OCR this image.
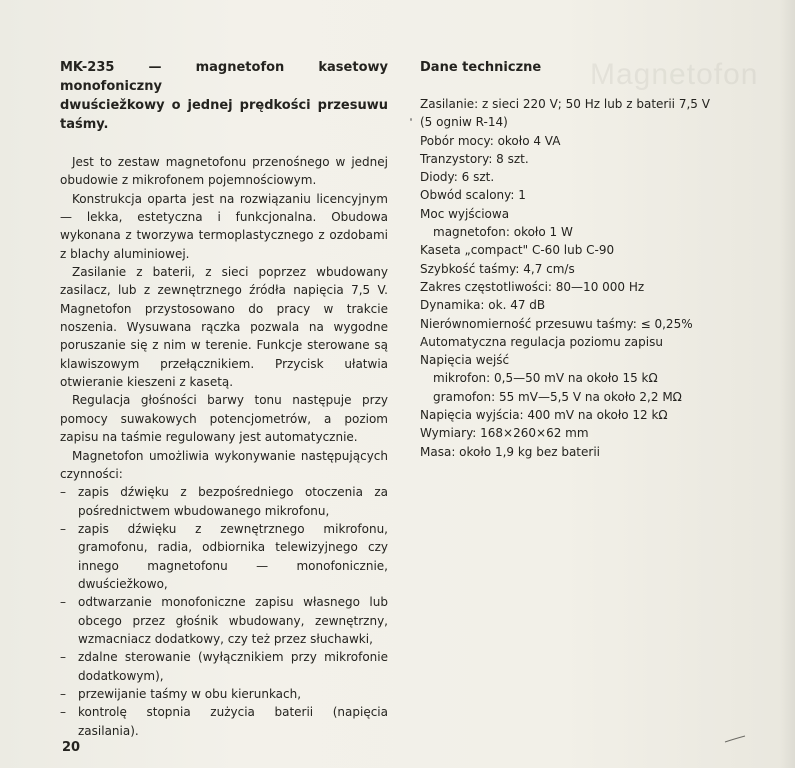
Magnetofon
MK-235 — magnetofon kasetowy monofoniczny
dwuściežkowy o jednej prędkości przesuwu
taśmy.

Jest to zestaw magnetofonu przenośnego w jednej obudowie z mikrofonem pojemnościowym.

Konstrukcja oparta jest na rozwiązaniu licencyjnym — lekka, estetyczna i funkcjonalna. Obudowa wykonana z tworzywa termoplastycznego z ozdobami z blachy aluminiowej.

Zasilanie z baterii, z sieci poprzez wbudowany zasilacz, lub z zewnętrznego źródła napięcia 7,5 V. Magnetofon przystosowano do pracy w trakcie noszenia. Wysuwana rączka pozwala na wygodne poruszanie się z nim w terenie. Funkcje sterowane są klawiszowym przełącznikiem. Przycisk ułatwia otwieranie kieszeni z kasetą.

Regulacja głośności barwy tonu następuje przy pomocy suwakowych potencjometrów, a poziom zapisu na taśmie regulowany jest automatycznie.

Magnetofon umożliwia wykonywanie następujących czynności:

– zapis dźwięku z bezpośredniego otoczenia za pośrednictwem wbudowanego mikrofonu,
– zapis dźwięku z zewnętrznego mikrofonu, gramofonu, radia, odbiornika telewizyjnego czy innego magnetofonu — monofonicznie, dwuściežkowo,
– odtwarzanie monofoniczne zapisu własnego lub obcego przez głośnik wbudowany, zewnętrzny, wzmacniacz dodatkowy, czy też przez słuchawki,
– zdalne sterowanie (wyłącznikiem przy mikrofonie dodatkowym),
– przewijanie taśmy w obu kierunkach,
– kontrolę stopnia zużycia baterii (napięcia zasilania).
Dane techniczne
Zasilanie: z sieci 220 V; 50 Hz lub z baterii 7,5 V
(5 ogniw R-14)
Pobór mocy: około 4 VA
Tranzystory: 8 szt.
Diody: 6 szt.
Obwód scalony: 1
Moc wyjściowa
magnetofon: około 1 W
Kaseta „compact" C-60 lub C-90
Szybkość taśmy: 4,7 cm/s
Zakres częstotliwości: 80—10 000 Hz
Dynamika: ok. 47 dB
Nierównomierność przesuwu taśmy: ≤ 0,25%
Automatyczna regulacja poziomu zapisu
Napięcia wejść
mikrofon: 0,5—50 mV na około 15 kΩ
gramofon: 55 mV—5,5 V na około 2,2 MΩ
Napięcia wyjścia: 400 mV na około 12 kΩ
Wymiary: 168×260×62 mm
Masa: około 1,9 kg bez baterii
20
